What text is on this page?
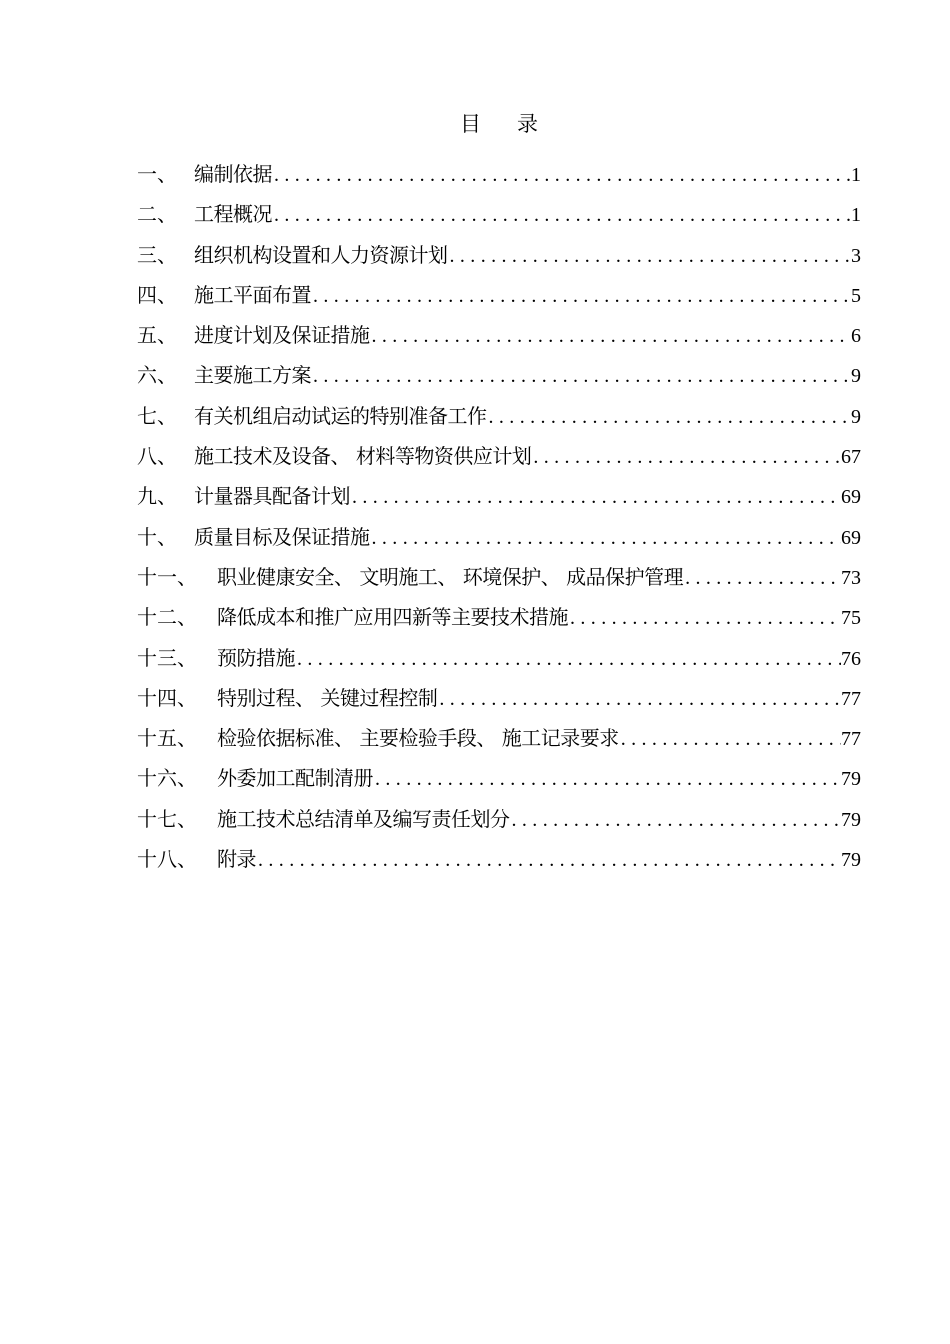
目 录
一、 编制依据 .....	1
二、 工程概况 .....	1
三、 组织机构设置和人力资源计划 .....	3
四、 施工平面布置 .....	5
五、 进度计划及保证措施 .....	6
六、 主要施工方案 .....	9
七、 有关机组启动试运的特别准备工作 .....	9
八、 施工技术及设备、 材料等物资供应计划 .....	67
九、 计量器具配备计划 .....	69
十、 质量目标及保证措施 .....	69
十一、	职业健康安全、 文明施工、 环境保护、 成品保护管理 .....	73
十二、	降低成本和推广应用四新等主要技术措施 .....	75
十三、	预防措施 .....	76
十四、	特别过程、 关键过程控制 .....	77
十五、	检验依据标准、 主要检验手段、 施工记录要求 .....	77
十六、	外委加工配制清册 .....	79
十七、	施工技术总结清单及编写责任划分 .....	79
十八、	附录 .....	79
